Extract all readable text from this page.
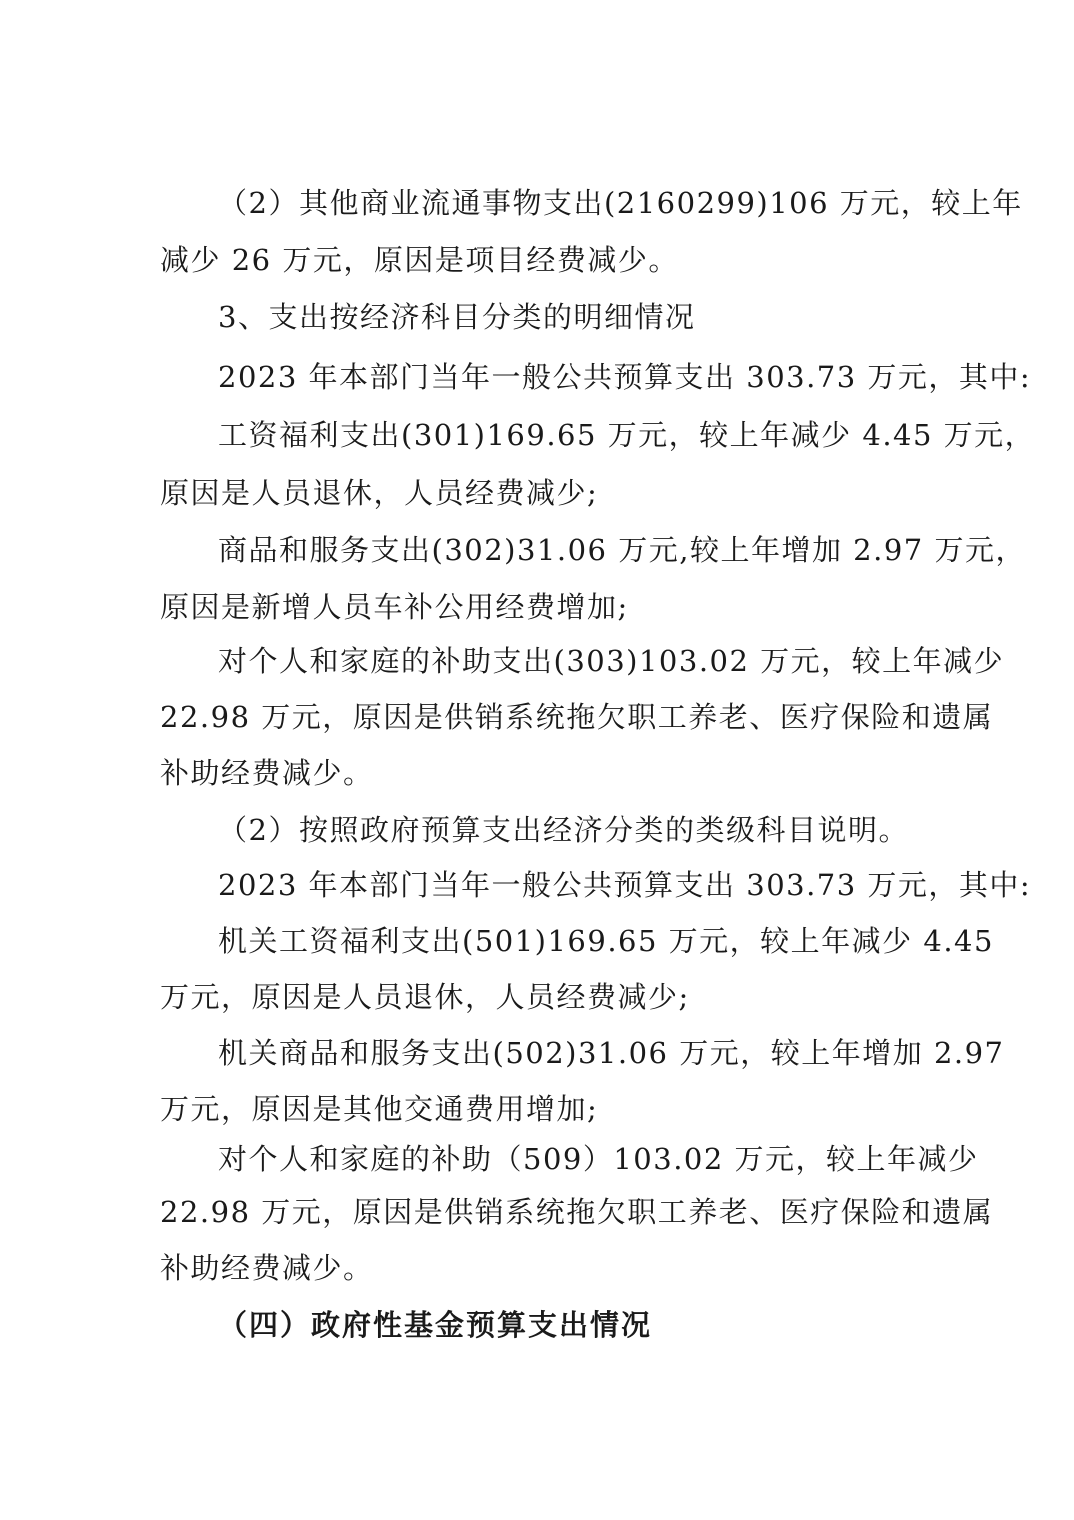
（2）其他商业流通事物支出(2160299)106 万元，较上年
减少 26 万元，原因是项目经费减少。
3、支出按经济科目分类的明细情况
2023 年本部门当年一般公共预算支出 303.73 万元，其中:
工资福利支出(301)169.65 万元，较上年减少 4.45 万元，
原因是人员退休，人员经费减少;
商品和服务支出(302)31.06 万元,较上年增加 2.97 万元，
原因是新增人员车补公用经费增加;
对个人和家庭的补助支出(303)103.02 万元，较上年减少
22.98 万元，原因是供销系统拖欠职工养老、医疗保险和遗属
补助经费减少。
（2）按照政府预算支出经济分类的类级科目说明。
2023 年本部门当年一般公共预算支出 303.73 万元，其中:
机关工资福利支出(501)169.65 万元，较上年减少 4.45
万元，原因是人员退休，人员经费减少;
机关商品和服务支出(502)31.06 万元，较上年增加 2.97
万元，原因是其他交通费用增加;
对个人和家庭的补助（509）103.02 万元，较上年减少
22.98 万元，原因是供销系统拖欠职工养老、医疗保险和遗属
补助经费减少。
（四）政府性基金预算支出情况
